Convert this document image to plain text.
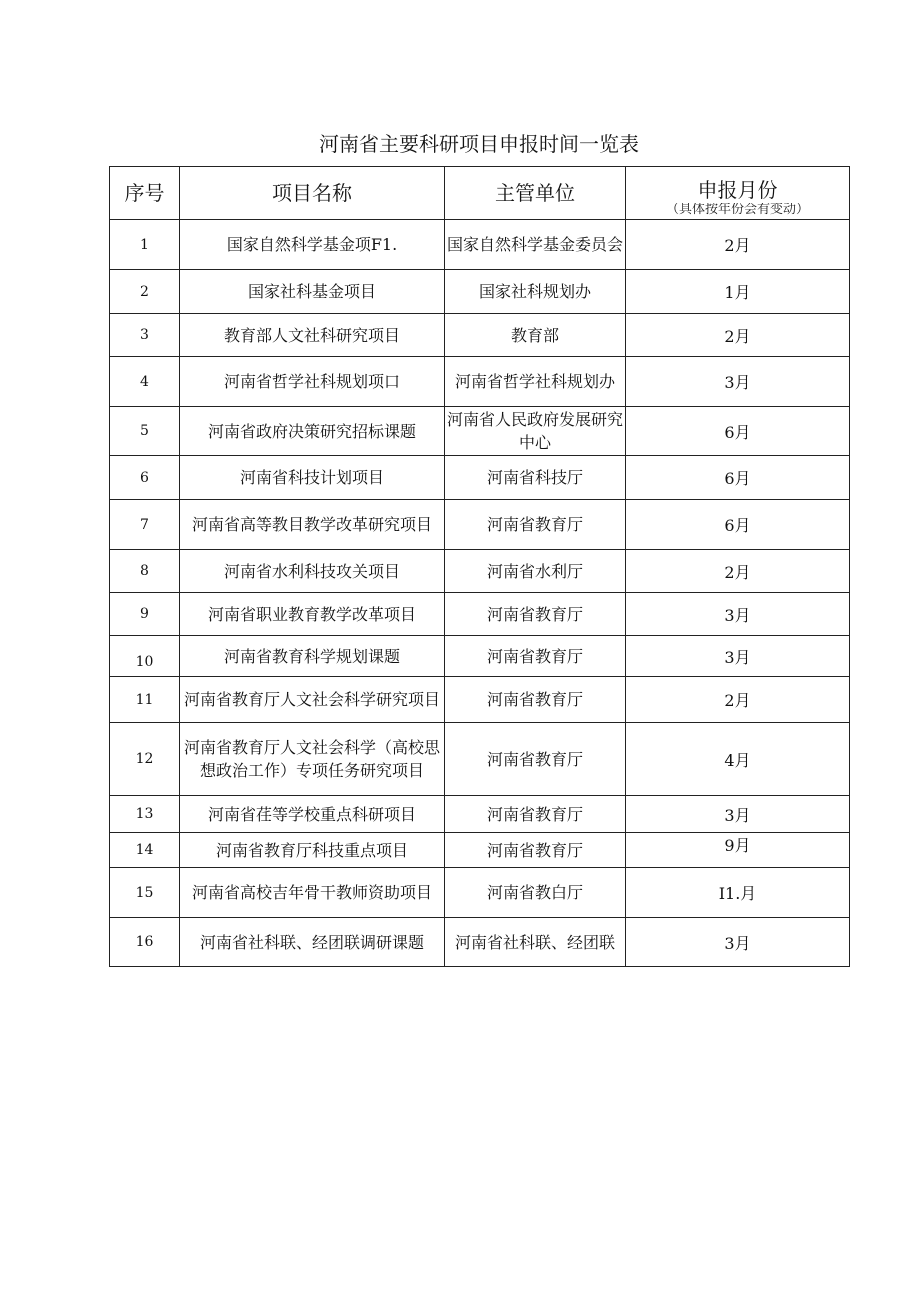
河南省主要科研项目申报时间一览表
序号	项目名称	主管单位	申报月份
（具体按年份会有变动）

1	国家自然科学基金项F1.	国家自然科学基金委员会	2月
2	国家社科基金项目	国家社科规划办	1月
3	教育部人文社科研究项目	教育部	2月
4	河南省哲学社科规划项口	河南省哲学社科规划办	3月
5	河南省政府决策研究招标课题	河南省人民政府发展研究中心	6月
6	河南省科技计划项目	河南省科技厅	6月
7	河南省高等教目教学改革研究项目	河南省教育厅	6月
8	河南省水利科技攻关项目	河南省水利厅	2月
9	河南省职业教育教学改革项目	河南省教育厅	3月
10	河南省教育科学规划课题	河南省教育厅	3月
11	河南省教育厅人文社会科学研究项目	河南省教育厅	2月
12	河南省教育厅人文社会科学（高校思想政治工作）专项任务研究项目	河南省教育厅	4月
13	河南省荏等学校重点科研项目	河南省教育厅	3月
14	河南省教育厅科技重点项目	河南省教育厅	9月
15	河南省高校吉年骨干教师资助项目	河南省教白厅	I1.月
16	河南省社科联、经团联调研课题	河南省社科联、经团联	3月
